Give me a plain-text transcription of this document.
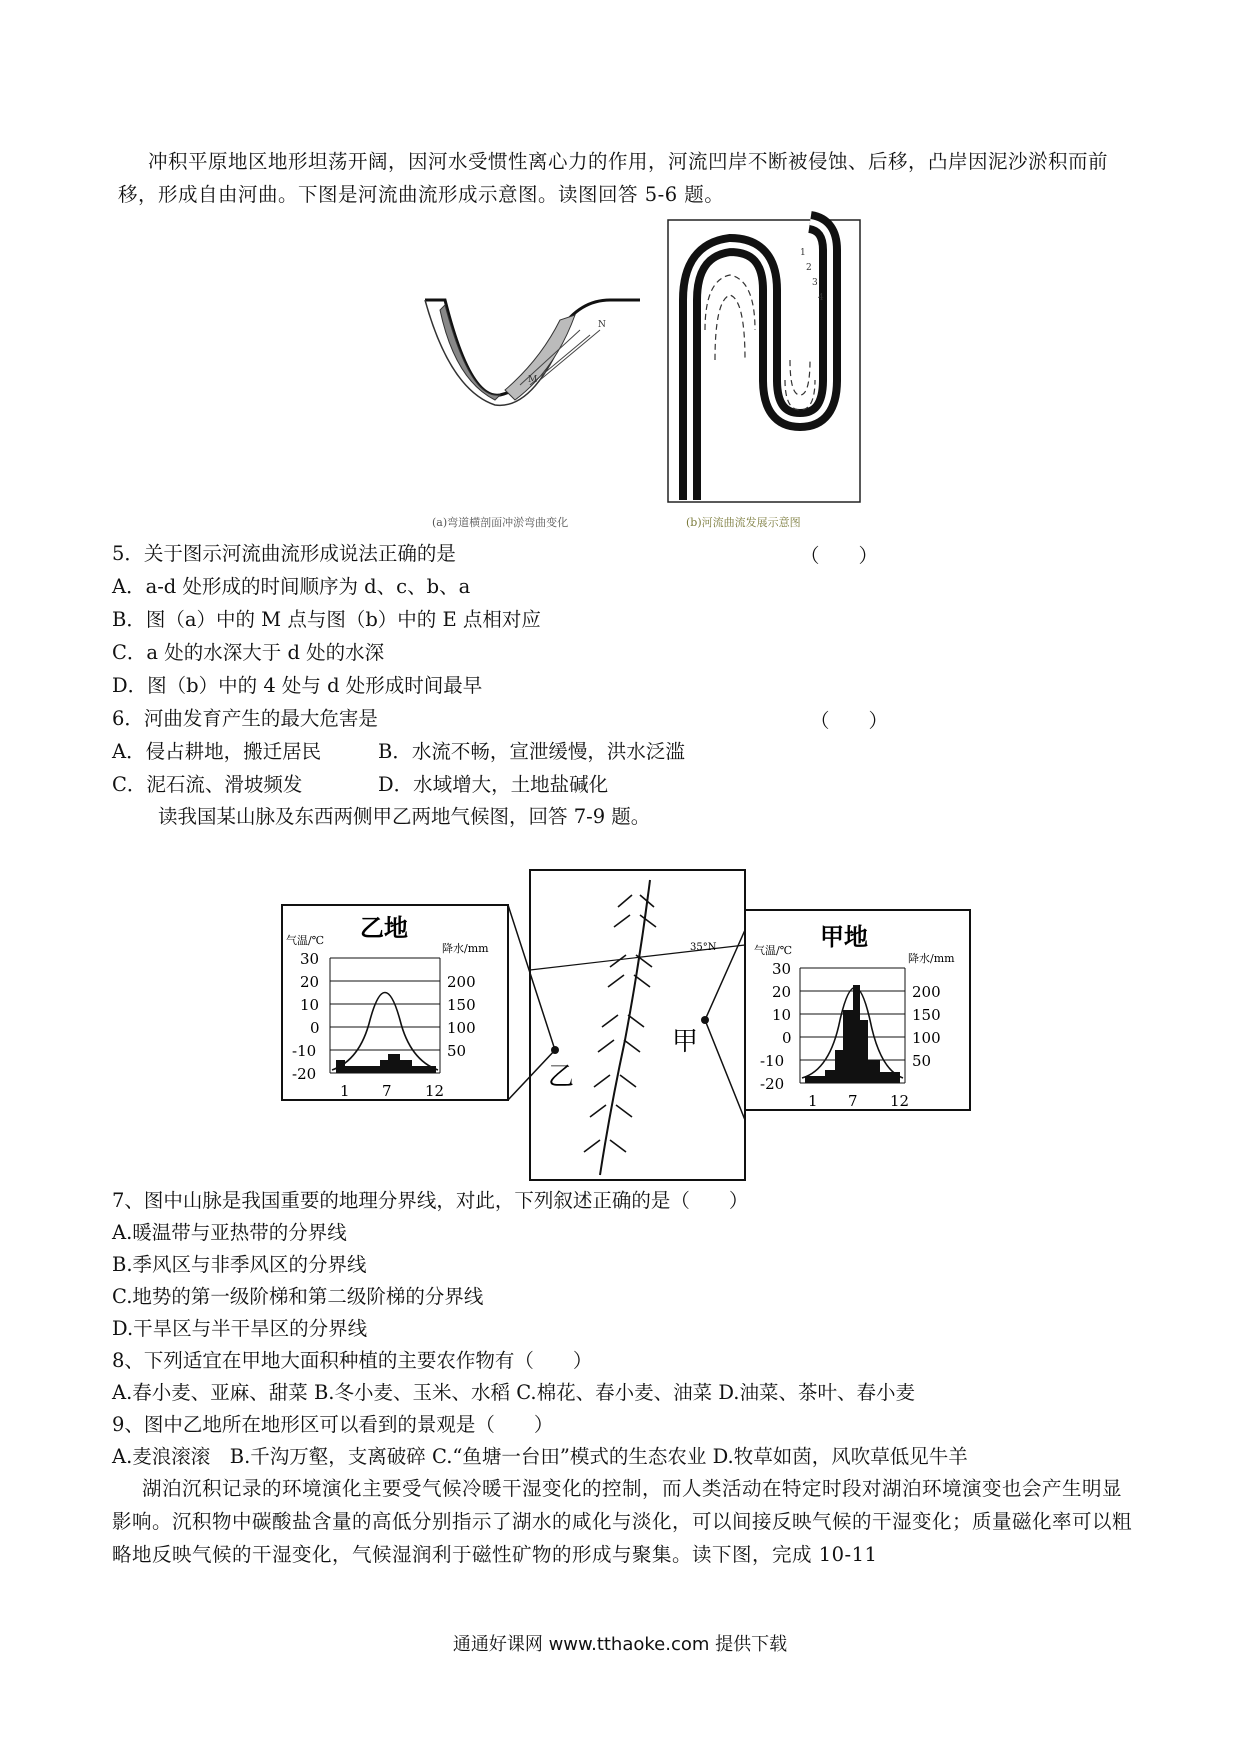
冲积平原地区地形坦荡开阔，因河水受惯性离心力的作用，河流凹岸不断被侵蚀、后移，凸岸因泥沙淤积而前移，形成自由河曲。下图是河流曲流形成示意图。读图回答 5-6 题。
M
N
E
1
2
3
4
(a)弯道横剖面冲淤弯曲变化	(b)河流曲流发展示意图
5．关于图示河流曲流形成说法正确的是	（　　）
A．a-d 处形成的时间顺序为 d、c、b、a
B．图（a）中的 M 点与图（b）中的 E 点相对应
C．a 处的水深大于 d 处的水深
D．图（b）中的 4 处与 d 处形成时间最早
6．河曲发育产生的最大危害是	（　　）
A．侵占耕地，搬迁居民	B．水流不畅，宣泄缓慢，洪水泛滥
C．泥石流、滑坡频发	D．水域增大，土地盐碱化
读我国某山脉及东西两侧甲乙两地气候图，回答 7-9 题。
乙地
气温/℃
降水/mm
30
20
10
0
-10
-20
200
150
100
50
1 7 12
35°N
乙
甲
甲地
气温/℃
降水/mm
30
20
10
0
-10
-20
200
150
100
50
1 7 12
7、图中山脉是我国重要的地理分界线，对此，下列叙述正确的是（　　）
A.暖温带与亚热带的分界线
B.季风区与非季风区的分界线
C.地势的第一级阶梯和第二级阶梯的分界线
D.干旱区与半干旱区的分界线
8、下列适宜在甲地大面积种植的主要农作物有（　　）
A.春小麦、亚麻、甜菜 B.冬小麦、玉米、水稻 C.棉花、春小麦、油菜 D.油菜、茶叶、春小麦
9、图中乙地所在地形区可以看到的景观是（　　）
A.麦浪滚滚　B.千沟万壑，支离破碎 C.“鱼塘一台田”模式的生态农业 D.牧草如茵，风吹草低见牛羊
湖泊沉积记录的环境演化主要受气候冷暖干湿变化的控制，而人类活动在特定时段对湖泊环境演变也会产生明显影响。沉积物中碳酸盐含量的高低分别指示了湖水的咸化与淡化，可以间接反映气候的干湿变化；质量磁化率可以粗略地反映气候的干湿变化，气候湿润利于磁性矿物的形成与聚集。读下图，完成 10-11
通通好课网 www.tthaoke.com 提供下载
